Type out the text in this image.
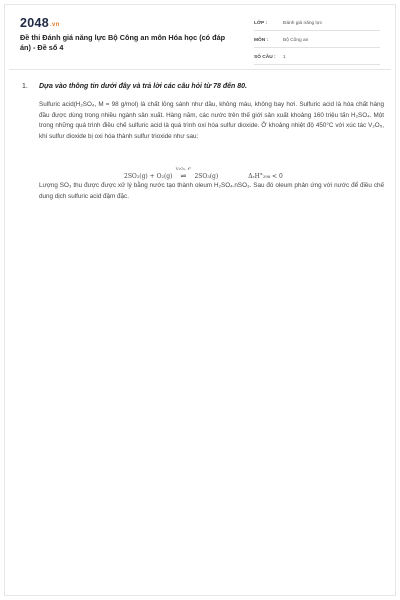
2048.vn
Đề thi Đánh giá năng lực Bộ Công an môn Hóa học (có đáp án) - Đề số 4
LỚP :	Đánh giá năng lực
MÔN :	Bộ Công an
SỐ CÂU :	1
1. Dựa vào thông tin dưới đây và trả lời các câu hỏi từ 78 đến 80.

Sulfuric acid(H₂SO₄, M = 98 g/mol) là chất lỏng sánh như dầu, không màu, không bay hơi. Sulfuric acid là hóa chất hàng đầu được dùng trong nhiều ngành sản xuất. Hàng năm, các nước trên thế giới sản xuất khoảng 160 triệu tấn H₂SO₄. Một trong những quá trình điều chế sulfuric acid là quá trình oxi hóa sulfur dioxide. Ở khoảng nhiệt độ 450°C với xúc tác V₂O₅, khí sulfur dioxide bị oxi hóa thành sulfur trioxide như sau:

2SO₂(g) + O₂(g)
V₂O₅, t°
⇌	2SO₃(g)	ΔᵣH°₂₉₈ < 0

Lượng SO₃ thu được được xử lý bằng nước tạo thành oleum H₂SO₄.nSO₃. Sau đó oleum phản ứng với nước để điều chế dung dịch sulfuric acid đậm đặc.
